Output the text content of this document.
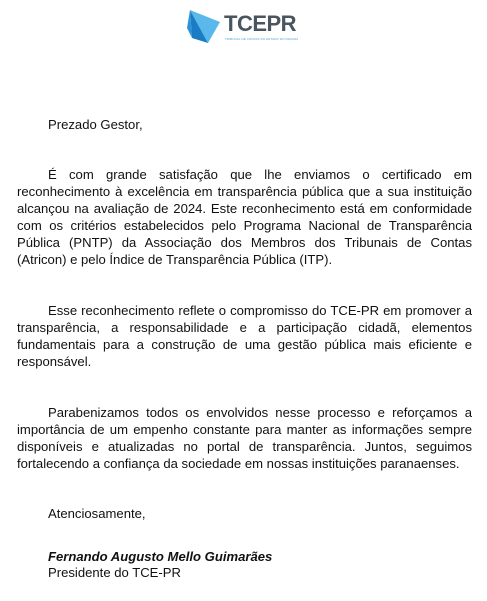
TCEPR
TRIBUNAL DE CONTAS DO ESTADO DO PARANÁ

Prezado Gestor,

É com grande satisfação que lhe enviamos o certificado em reconhecimento à excelência em transparência pública que a sua instituição alcançou na avaliação de 2024. Este reconhecimento está em conformidade com os critérios estabelecidos pelo Programa Nacional de Transparência Pública (PNTP) da Associação dos Membros dos Tribunais de Contas (Atricon) e pelo Índice de Transparência Pública (ITP).

Esse reconhecimento reflete o compromisso do TCE-PR em promover a transparência, a responsabilidade e a participação cidadã, elementos fundamentais para a construção de uma gestão pública mais eficiente e responsável.

Parabenizamos todos os envolvidos nesse processo e reforçamos a importância de um empenho constante para manter as informações sempre disponíveis e atualizadas no portal de transparência. Juntos, seguimos fortalecendo a confiança da sociedade em nossas instituições paranaenses.

Atenciosamente,

Fernando Augusto Mello Guimarães
Presidente do TCE-PR
